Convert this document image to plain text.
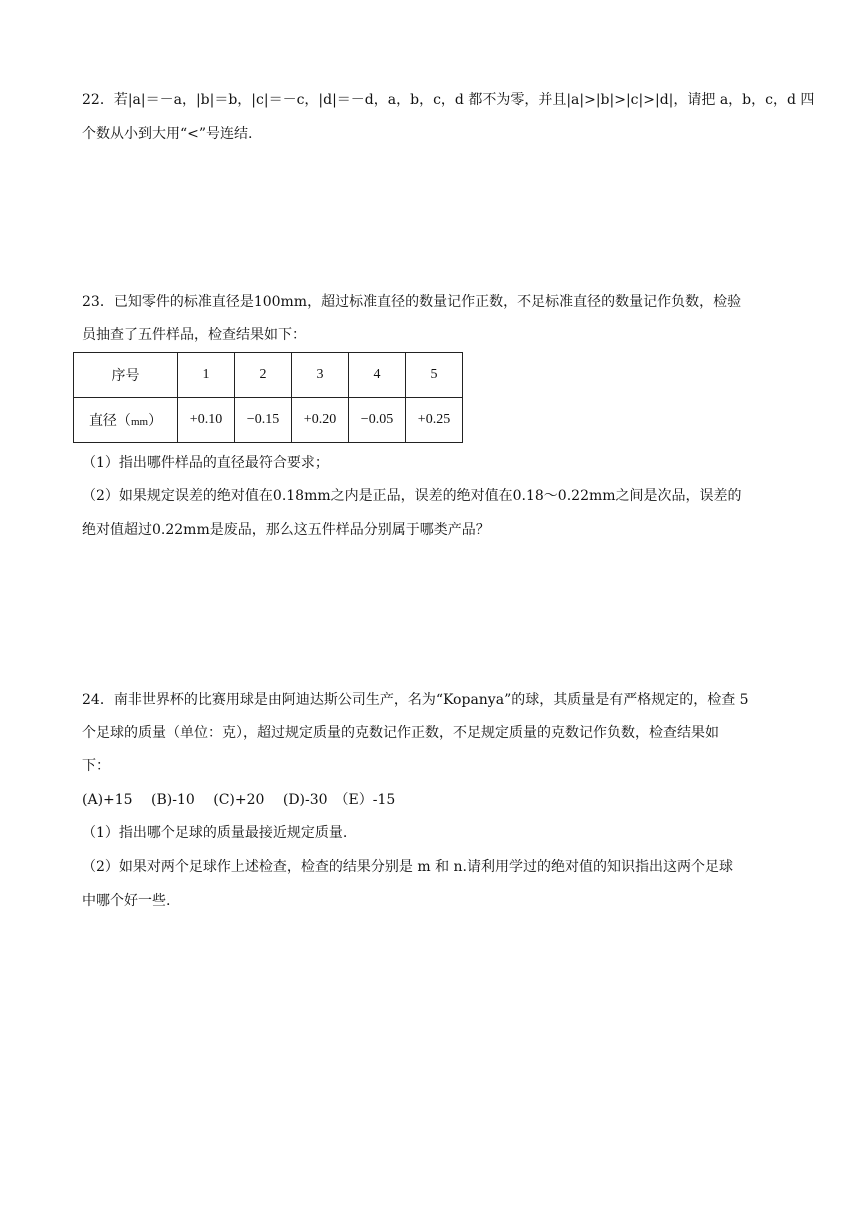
22．若|a|＝－a，|b|＝b，|c|＝－c，|d|＝－d，a，b，c，d 都不为零，并且|a|>|b|>|c|>|d|，请把 a，b，c，d 四
个数从小到大用“<”号连结.
23．已知零件的标准直径是100mm，超过标准直径的数量记作正数，不足标准直径的数量记作负数，检验
员抽查了五件样品，检查结果如下：
序号	1	2	3	4	5
直径（mm）	+0.10	−0.15	+0.20	−0.05	+0.25
（1）指出哪件样品的直径最符合要求；
（2）如果规定误差的绝对值在0.18mm之内是正品，误差的绝对值在0.18～0.22mm之间是次品，误差的
绝对值超过0.22mm是废品，那么这五件样品分别属于哪类产品？
24．南非世界杯的比赛用球是由阿迪达斯公司生产，名为“Kopanya”的球，其质量是有严格规定的，检查 5
个足球的质量（单位：克），超过规定质量的克数记作正数，不足规定质量的克数记作负数，检查结果如
下：
(A)+15　 (B)-10　 (C)+20　 (D)-30　（E）-15
（1）指出哪个足球的质量最接近规定质量.
（2）如果对两个足球作上述检查，检查的结果分别是 m 和 n.请利用学过的绝对值的知识指出这两个足球
中哪个好一些.
